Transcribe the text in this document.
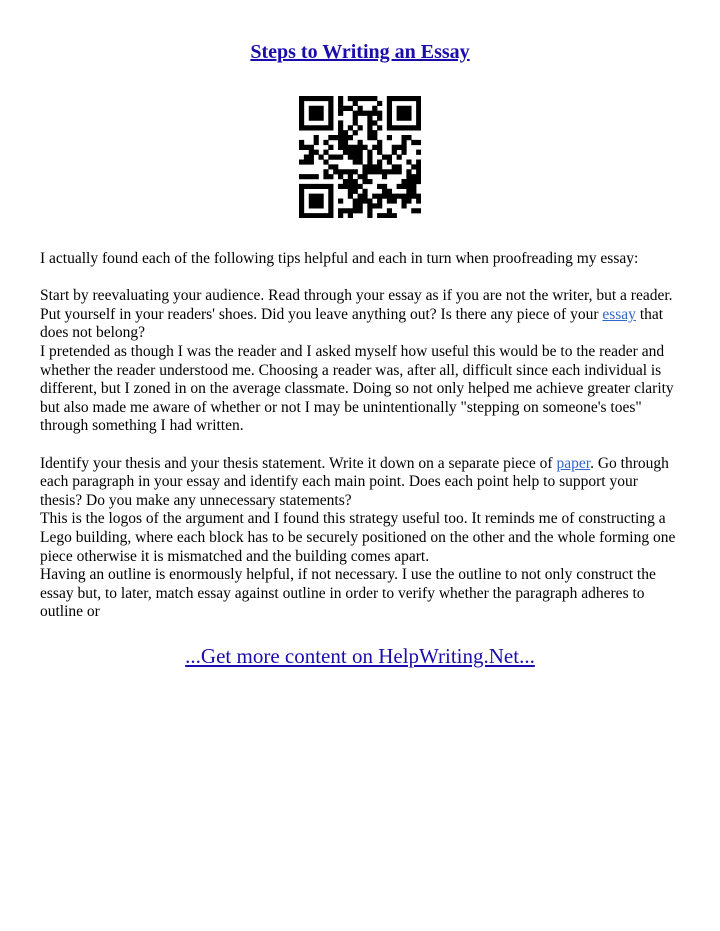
Steps to Writing an Essay

I actually found each of the following tips helpful and each in turn when proofreading my essay:

Start by reevaluating your audience. Read through your essay as if you are not the writer, but a reader. Put yourself in your readers' shoes. Did you leave anything out? Is there any piece of your essay that does not belong?

I pretended as though I was the reader and I asked myself how useful this would be to the reader and whether the reader understood me. Choosing a reader was, after all, difficult since each individual is different, but I zoned in on the average classmate. Doing so not only helped me achieve greater clarity but also made me aware of whether or not I may be unintentionally "stepping on someone's toes" through something I had written.

Identify your thesis and your thesis statement. Write it down on a separate piece of paper. Go through each paragraph in your essay and identify each main point. Does each point help to support your thesis? Do you make any unnecessary statements?

This is the logos of the argument and I found this strategy useful too. It reminds me of constructing a Lego building, where each block has to be securely positioned on the other and the whole forming one piece otherwise it is mismatched and the building comes apart.

Having an outline is enormously helpful, if not necessary. I use the outline to not only construct the essay but, to later, match essay against outline in order to verify whether the paragraph adheres to outline or

...Get more content on HelpWriting.Net...
